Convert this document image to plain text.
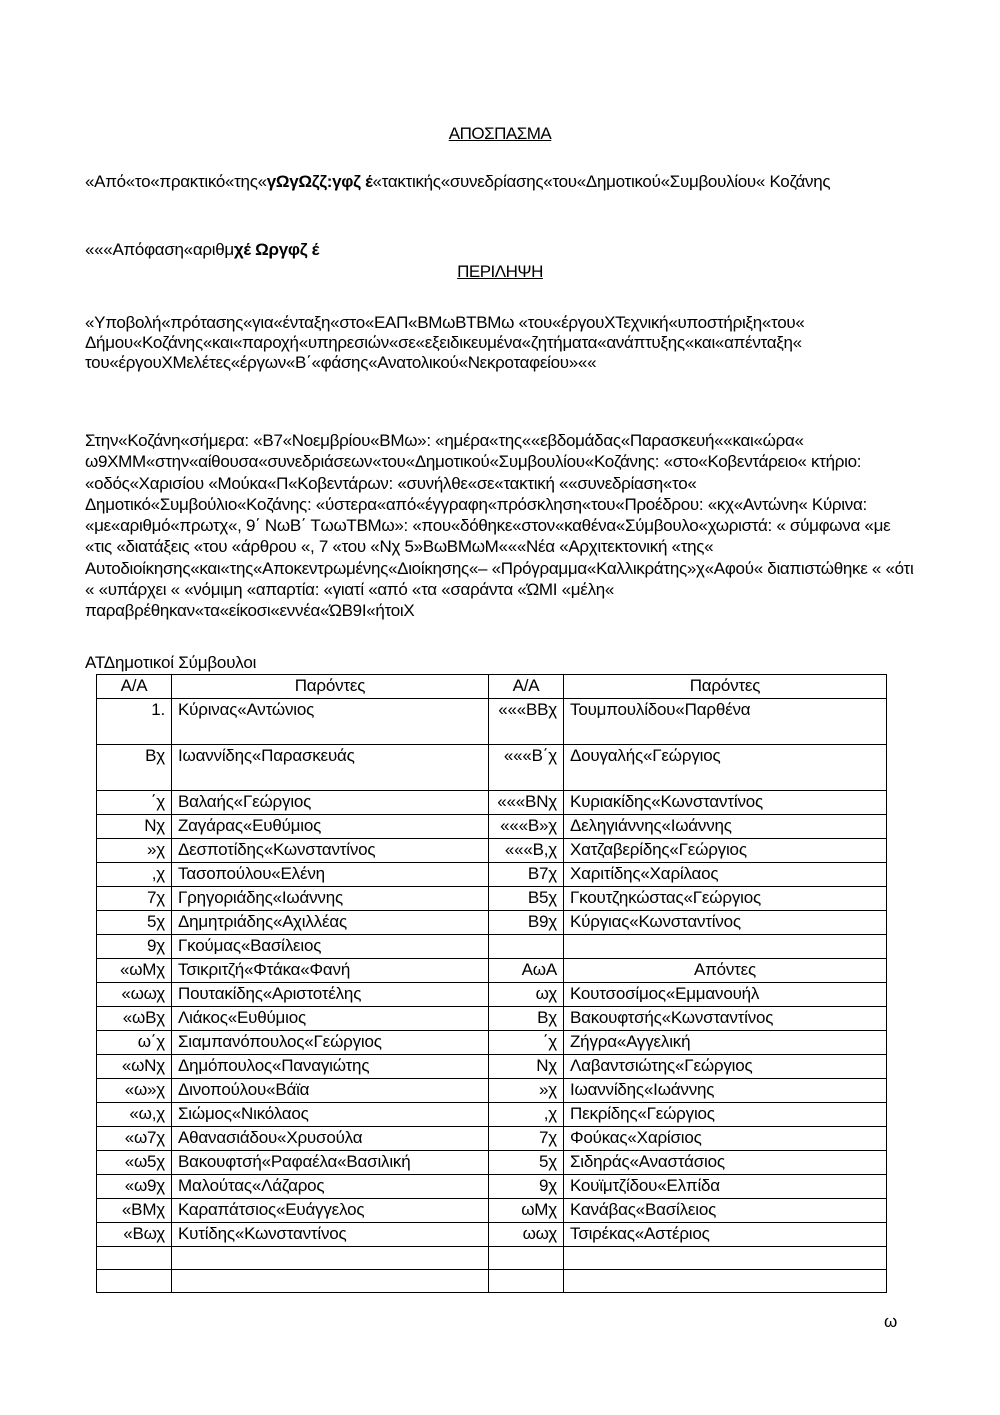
ΑΠΟΣΠΑΣΜΑ

«Από«το«πρακτικό«της«γΩγΩζζ:γφζ έ«τακτικής«συνεδρίασης«του«Δημοτικού«Συμβουλίου« Κοζάνης

«««Απόφαση«αριθμχέ Ωργφζ έ

ΠΕΡΙΛΗΨΗ

«Υποβολή«πρότασης«για«ένταξη«στο«ΕΑΠ«ΒΜωΒΤΒΜω «του«έργουΧΤεχνική«υποστήριξη«του« Δήμου«Κοζάνης«και«παροχή«υπηρεσιών«σε«εξειδικευμένα«ζητήματα«ανάπτυξης«και«απένταξη« του«έργουΧΜελέτες«έργων«Β΄«φάσης«Ανατολικού«Νεκροταφείου»««

Στην«Κοζάνη«σήμερα: «Β7«Νοεμβρίου«ΒΜω»: «ημέρα«της««εβδομάδας«Παρασκευή««και«ώρα« ω9ΧΜΜ«στην«αίθουσα«συνεδριάσεων«του«Δημοτικού«Συμβουλίου«Κοζάνης: «στο«Κοβεντάρειο« κτήριο: «οδός«Χαρισίου «Μούκα«Π«Κοβεντάρων: «συνήλθε«σε«τακτική ««συνεδρίαση«το« Δημοτικό«Συμβούλιο«Κοζάνης: «ύστερα«από«έγγραφη«πρόσκληση«του«Προέδρου: «κχ«Αντώνη« Κύρινα: «με«αριθμό«πρωτχ«, 9΄ ΝωΒ΄ ΤωωΤΒΜω»: «που«δόθηκε«στον«καθένα«Σύμβουλο«χωριστά: « σύμφωνα «με «τις «διατάξεις «του «άρθρου «, 7 «του «Νχ 5»ΒωΒΜωΜ«««Νέα «Αρχιτεκτονική «της« Αυτοδιοίκησης«και«της«Αποκεντρωμένης«Διοίκησης«– «Πρόγραμμα«Καλλικράτης»χ«Αφού« διαπιστώθηκε « «ότι « «υπάρχει « «νόμιμη «απαρτία: «γιατί «από «τα «σαράντα «ΏΜΙ «μέλη« παραβρέθηκαν«τα«είκοσι«εννέα«ΏΒ9Ι«ήτοιΧ

ΑΤΔημοτικοί Σύμβουλοι
Α/Α	Παρόντες	Α/Α	Παρόντες
1.	Κύρινας«Αντώνιος	«««ΒΒχ	Τουμπουλίδου«Παρθένα
Βχ	Ιωαννίδης«Παρασκευάς	«««Β΄χ	Δουγαλής«Γεώργιος
΄χ	Βαλαής«Γεώργιος	«««ΒΝχ	Κυριακίδης«Κωνσταντίνος
Νχ	Ζαγάρας«Ευθύμιος	«««Β»χ	Δεληγιάννης«Ιωάννης
»χ	Δεσποτίδης«Κωνσταντίνος	«««Β,χ	Χατζαβερίδης«Γεώργιος
,χ	Τασοπούλου«Ελένη	Β7χ	Χαριτίδης«Χαρίλαος
7χ	Γρηγοριάδης«Ιωάννης	Β5χ	Γκουτζηκώστας«Γεώργιος
5χ	Δημητριάδης«Αχιλλέας	Β9χ	Κύργιας«Κωνσταντίνος
9χ	Γκούμας«Βασίλειος		
«ωΜχ	Τσικριτζή«Φτάκα«Φανή	ΑωΑ	Απόντες
«ωωχ	Πουτακίδης«Αριστοτέλης	ωχ	Κουτσοσίμος«Εμμανουήλ
«ωΒχ	Λιάκος«Ευθύμιος	Βχ	Βακουφτσής«Κωνσταντίνος
ω΄χ	Σιαμπανόπουλος«Γεώργιος	΄χ	Ζήγρα«Αγγελική
«ωΝχ	Δημόπουλος«Παναγιώτης	Νχ	Λαβαντσιώτης«Γεώργιος
«ω»χ	Δινοπούλου«Βάϊα	»χ	Ιωαννίδης«Ιωάννης
«ω,χ	Σιώμος«Νικόλαος	,χ	Πεκρίδης«Γεώργιος
«ω7χ	Αθανασιάδου«Χρυσούλα	7χ	Φούκας«Χαρίσιος
«ω5χ	Βακουφτσή«Ραφαέλα«Βασιλική	5χ	Σιδηράς«Αναστάσιος
«ω9χ	Μαλούτας«Λάζαρος	9χ	Κουϊμτζίδου«Ελπίδα
«ΒΜχ	Καραπάτσιος«Ευάγγελος	ωΜχ	Κανάβας«Βασίλειος
«Βωχ	Κυτίδης«Κωνσταντίνος	ωωχ	Τσιρέκας«Αστέριος

ω
